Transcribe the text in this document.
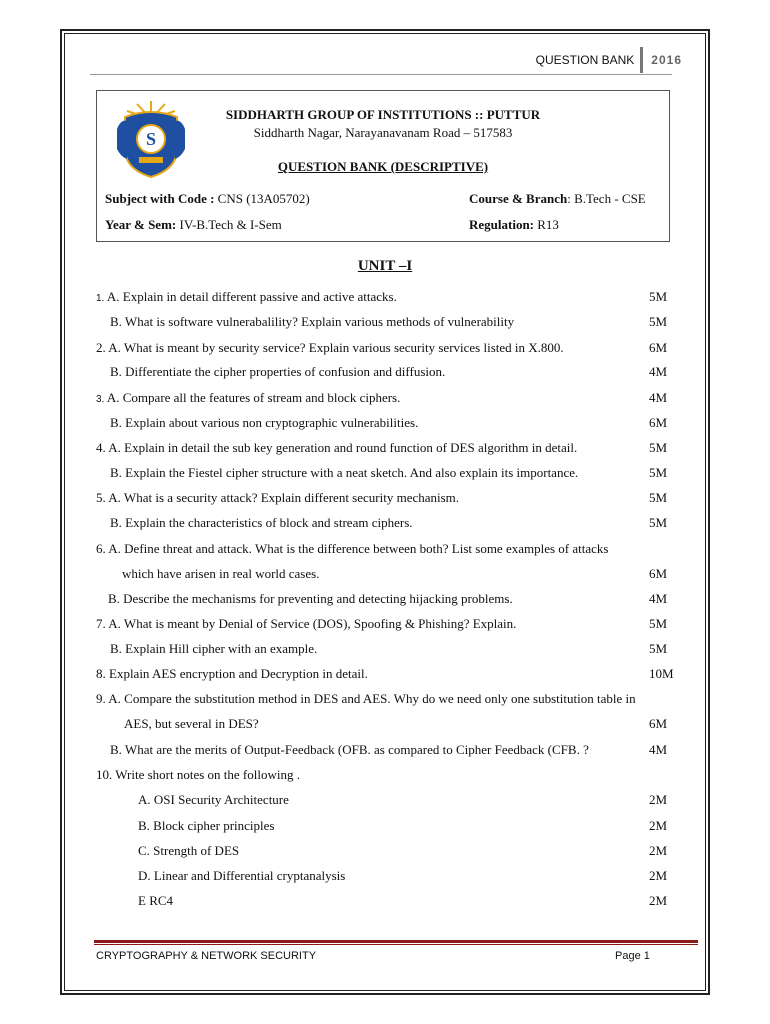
QUESTION BANK	2016
S
SIDDHARTH GROUP OF INSTITUTIONS :: PUTTUR
Siddharth Nagar, Narayanavanam Road – 517583
QUESTION BANK (DESCRIPTIVE)
Subject with Code : CNS (13A05702)	Course & Branch: B.Tech - CSE
Year & Sem: IV-B.Tech & I-Sem	Regulation: R13
UNIT –I
1. A. Explain in detail different passive and active attacks.	5M
B. What is software vulnerabalility? Explain various methods of vulnerability	5M
2. A. What is meant by security service? Explain various security services listed in X.800.	6M
B. Differentiate the cipher properties of confusion and diffusion.	4M
3. A. Compare all the features of stream and block ciphers.	4M
B. Explain about various non cryptographic vulnerabilities.	6M
4. A. Explain in detail the sub key generation and round function of DES algorithm in detail.	5M
B. Explain the Fiestel cipher structure with a neat sketch. And also explain its importance.	5M
5. A. What is a security attack? Explain different security mechanism.	5M
B. Explain the characteristics of block and stream ciphers.	5M
6. A. Define threat and attack. What is the difference between both? List some examples of attacks
which have arisen in real world cases.	6M
B. Describe the mechanisms for preventing and detecting hijacking problems.	4M
7. A. What is meant by Denial of Service (DOS), Spoofing & Phishing? Explain.	5M
B. Explain Hill cipher with an example.	5M
8. Explain AES encryption and Decryption in detail.	10M
9. A. Compare the substitution method in DES and AES. Why do we need only one substitution table in
AES, but several in DES?	6M
B. What are the merits of Output-Feedback (OFB. as compared to Cipher Feedback (CFB. ?	4M
10. Write short notes on the following .
A. OSI Security Architecture	2M
B. Block cipher principles	2M
C. Strength of DES	2M
D. Linear and Differential cryptanalysis	2M
E RC4	2M
CRYPTOGRAPHY & NETWORK SECURITY	Page 1
